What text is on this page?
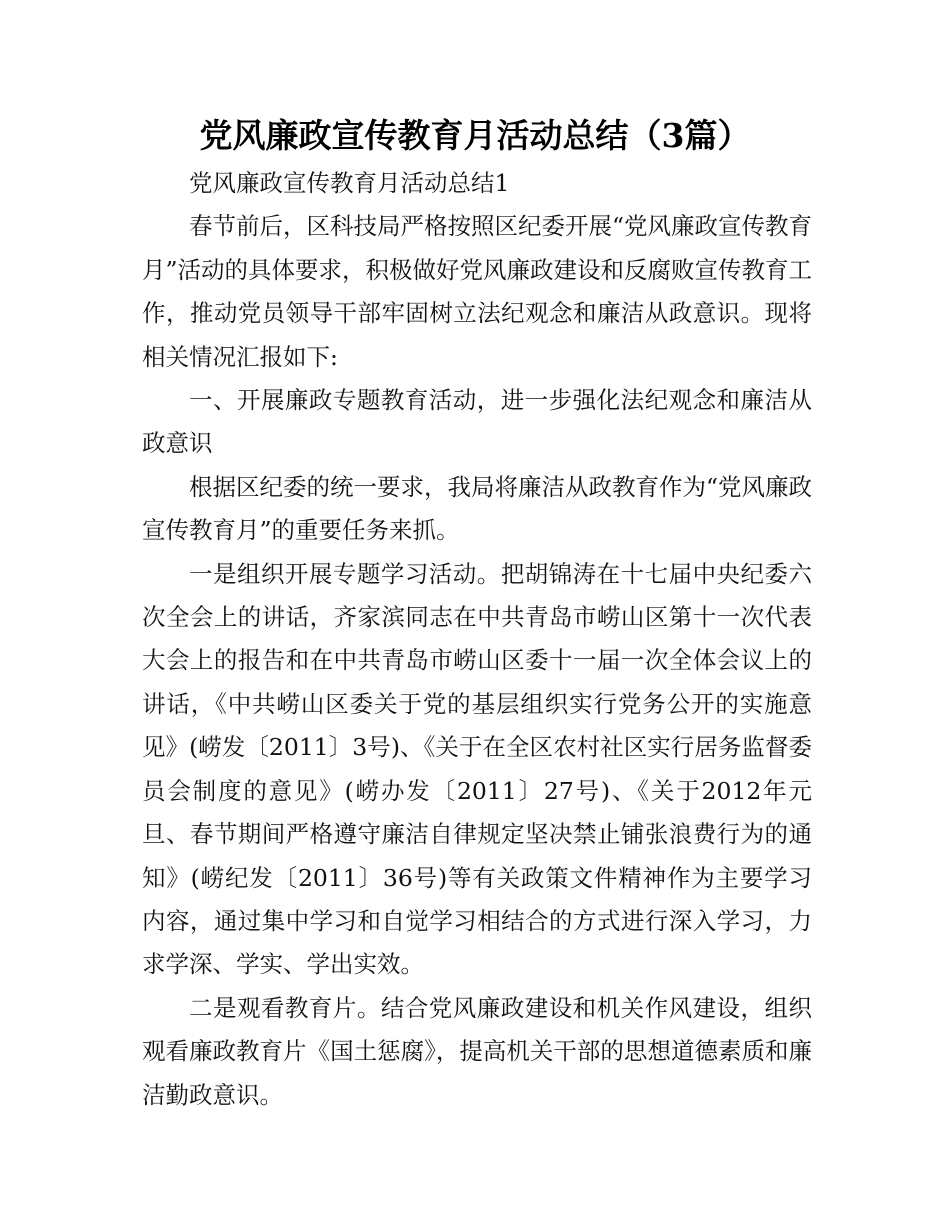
党风廉政宣传教育月活动总结（3篇）

党风廉政宣传教育月活动总结1

春节前后，区科技局严格按照区纪委开展“党风廉政宣传教育月”活动的具体要求，积极做好党风廉政建设和反腐败宣传教育工作，推动党员领导干部牢固树立法纪观念和廉洁从政意识。现将相关情况汇报如下:

一、开展廉政专题教育活动，进一步强化法纪观念和廉洁从政意识

根据区纪委的统一要求，我局将廉洁从政教育作为“党风廉政宣传教育月”的重要任务来抓。

一是组织开展专题学习活动。把胡锦涛在十七届中央纪委六次全会上的讲话，齐家滨同志在中共青岛市崂山区第十一次代表大会上的报告和在中共青岛市崂山区委十一届一次全体会议上的讲话，《中共崂山区委关于党的基层组织实行党务公开的实施意见》(崂发〔2011〕3号)、《关于在全区农村社区实行居务监督委员会制度的意见》(崂办发〔2011〕27号)、《关于2012年元旦、春节期间严格遵守廉洁自律规定坚决禁止铺张浪费行为的通知》(崂纪发〔2011〕36号)等有关政策文件精神作为主要学习内容，通过集中学习和自觉学习相结合的方式进行深入学习，力求学深、学实、学出实效。

二是观看教育片。结合党风廉政建设和机关作风建设，组织观看廉政教育片《国土惩腐》，提高机关干部的思想道德素质和廉洁勤政意识。
